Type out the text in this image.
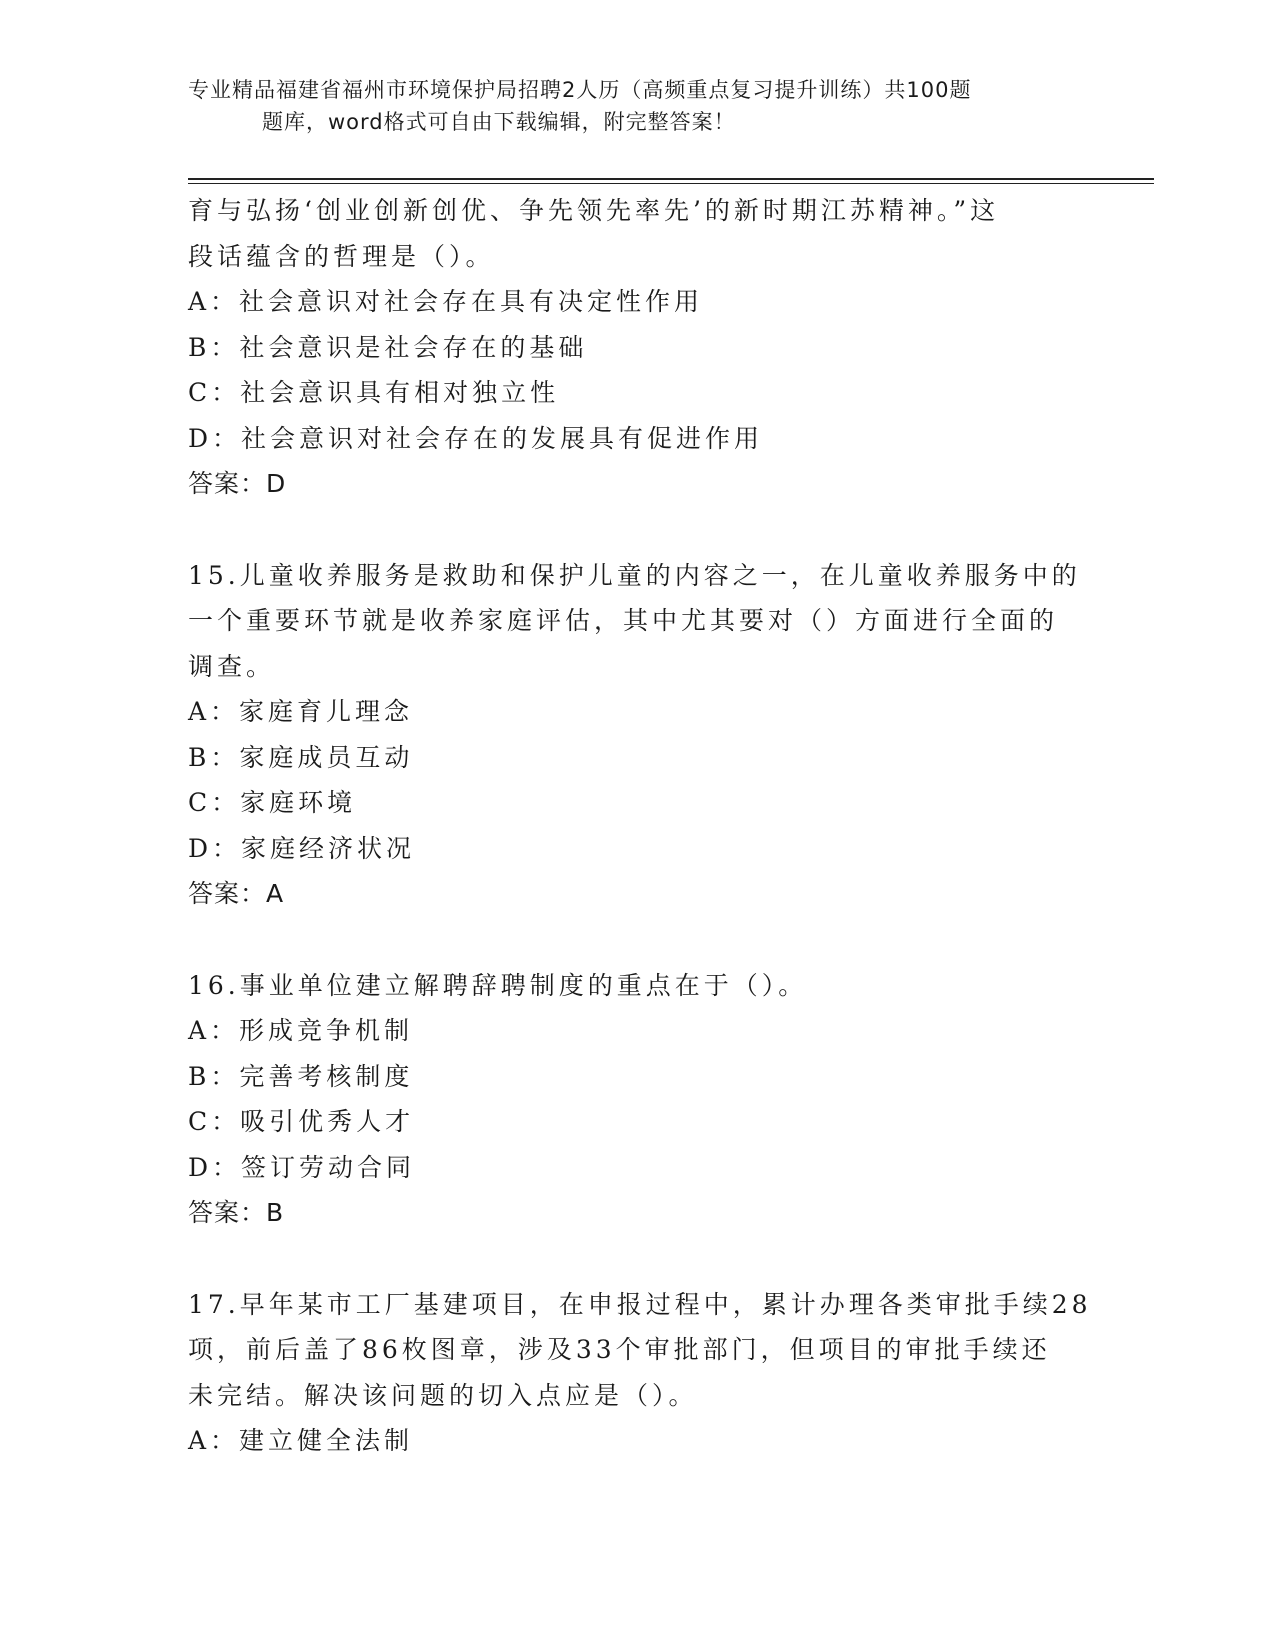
专业精品福建省福州市环境保护局招聘2人历（高频重点复习提升训练）共100题
题库，word格式可自由下载编辑，附完整答案！
育与弘扬‘创业创新创优、争先领先率先’的新时期江苏精神。”这
段话蕴含的哲理是（）。
A：社会意识对社会存在具有决定性作用
B：社会意识是社会存在的基础
C：社会意识具有相对独立性
D：社会意识对社会存在的发展具有促进作用
答案：D
15.儿童收养服务是救助和保护儿童的内容之一，在儿童收养服务中的
一个重要环节就是收养家庭评估，其中尤其要对（）方面进行全面的
调查。
A：家庭育儿理念
B：家庭成员互动
C：家庭环境
D：家庭经济状况
答案：A
16.事业单位建立解聘辞聘制度的重点在于（）。
A：形成竞争机制
B：完善考核制度
C：吸引优秀人才
D：签订劳动合同
答案：B
17.早年某市工厂基建项目，在申报过程中，累计办理各类审批手续28
项，前后盖了86枚图章，涉及33个审批部门，但项目的审批手续还
未完结。解决该问题的切入点应是（）。
A：建立健全法制
